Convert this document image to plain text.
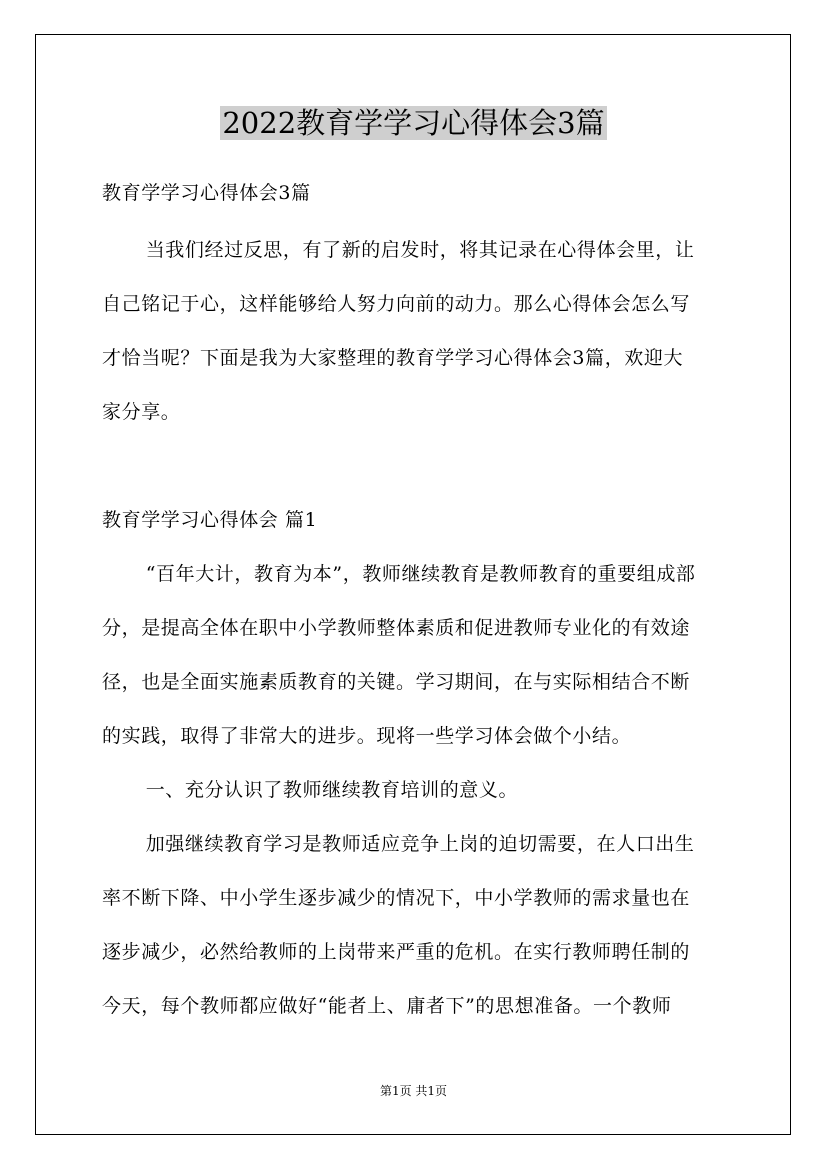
2022教育学学习心得体会3篇

教育学学习心得体会3篇

当我们经过反思，有了新的启发时，将其记录在心得体会里，让

自己铭记于心，这样能够给人努力向前的动力。那么心得体会怎么写

才恰当呢？下面是我为大家整理的教育学学习心得体会3篇，欢迎大

家分享。

教育学学习心得体会 篇1

“百年大计，教育为本”，教师继续教育是教师教育的重要组成部

分，是提高全体在职中小学教师整体素质和促进教师专业化的有效途

径，也是全面实施素质教育的关键。学习期间，在与实际相结合不断

的实践，取得了非常大的进步。现将一些学习体会做个小结。

一、充分认识了教师继续教育培训的意义。

加强继续教育学习是教师适应竞争上岗的迫切需要，在人口出生

率不断下降、中小学生逐步减少的情况下，中小学教师的需求量也在

逐步减少，必然给教师的上岗带来严重的危机。在实行教师聘任制的

今天，每个教师都应做好“能者上、庸者下”的思想准备。一个教师

第1页 共1页
